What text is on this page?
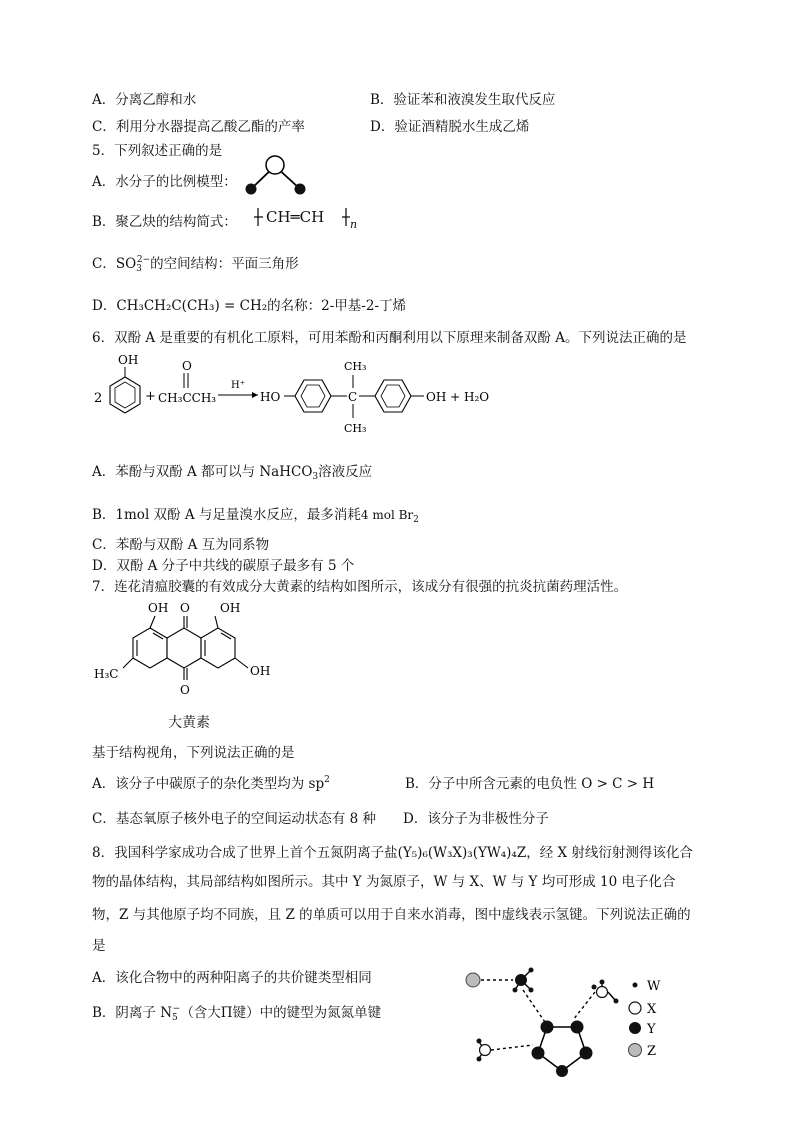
A．分离乙醇和水	B．验证苯和液溴发生取代反应
C．利用分水器提高乙酸乙酯的产率	D．验证酒精脱水生成乙烯
5．下列叙述正确的是
A．水分子的比例模型：
B．聚乙炔的结构简式： CH═CH n
C．$SO_3^{2-}$的空间结构：平面三角形
D．CH₃CH₂C(CH₃) = CH₂的名称：2-甲基-2-丁烯
6．双酚 A 是重要的有机化工原料，可用苯酚和丙酮利用以下原理来制备双酚 A。下列说法正确的是
OH
2	+
O
CH₃CCH₃
H⁺
HO	C
CH₃
CH₃
OH + H₂O
A．苯酚与双酚 A 都可以与 NaHCO$_3$溶液反应
B．1mol 双酚 A 与足量溴水反应，最多消耗4 mol $Br_2$
C．苯酚与双酚 A 互为同系物
D．双酚 A 分子中共线的碳原子最多有 5 个
7．连花清瘟胶囊的有效成分大黄素的结构如图所示，该成分有很强的抗炎抗菌药理活性。
OH O	OH
H₃C
O
OH
大黄素
基于结构视角，下列说法正确的是
A．该分子中碳原子的杂化类型均为 $sp^2$	B．分子中所含元素的电负性 O > C > H
C．基态氧原子核外电子的空间运动状态有 8 种 D．该分子为非极性分子
8．我国科学家成功合成了世界上首个五氮阴离子盐(Y₅)₆(W₃X)₃(YW₄)₄Z，经 X 射线衍射测得该化合
物的晶体结构，其局部结构如图所示。其中 Y 为氮原子，W 与 X、W 与 Y 均可形成 10 电子化合
物，Z 与其他原子均不同族，且 Z 的单质可以用于自来水消毒，图中虚线表示氢键。下列说法正确的
是
A．该化合物中的两种阳离子的共价键类型相同
B．阴离子 $N_5^-$（含大Π键）中的键型为氮氮单键
W
X
Y
Z
